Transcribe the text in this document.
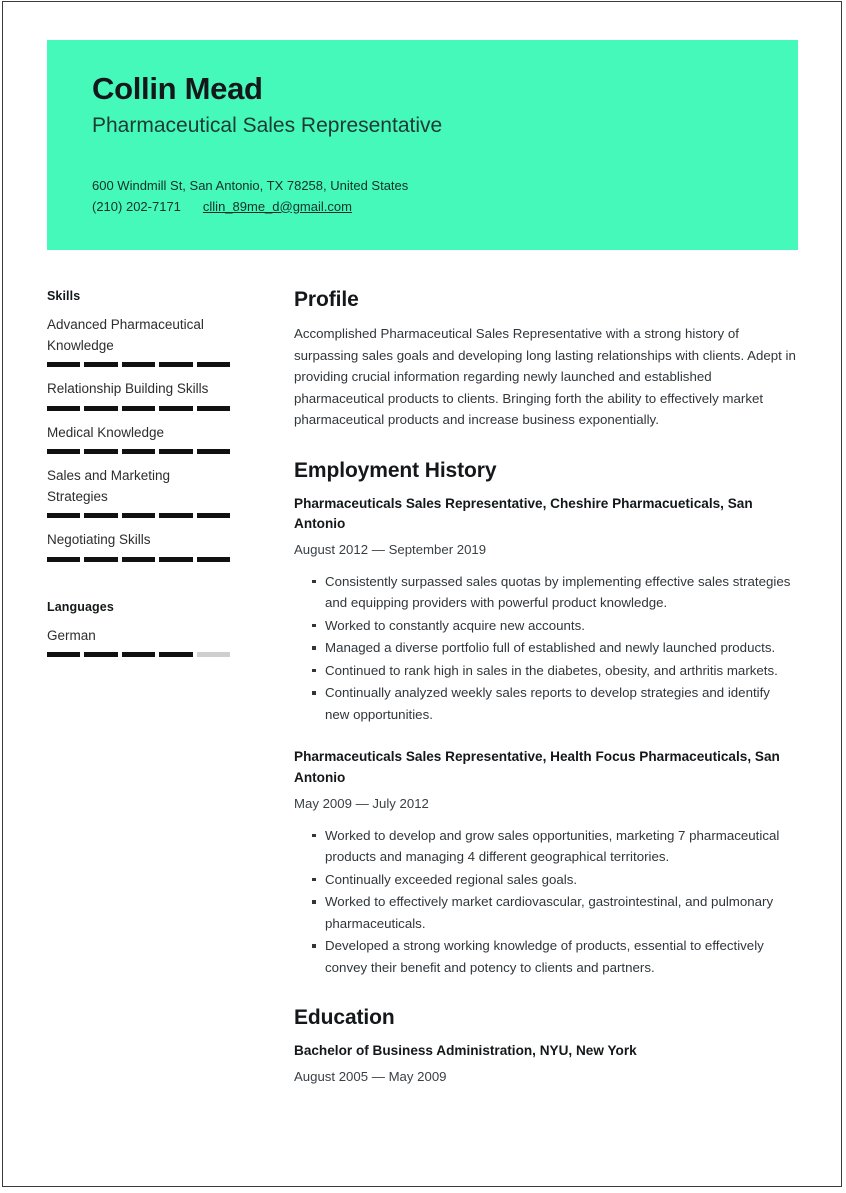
Collin Mead
Pharmaceutical Sales Representative
600 Windmill St, San Antonio, TX 78258, United States
(210) 202-7171 cllin_89me_d@gmail.com
Skills
Advanced Pharmaceutical Knowledge
Relationship Building Skills
Medical Knowledge
Sales and Marketing Strategies
Negotiating Skills
Languages
German
Profile

Accomplished Pharmaceutical Sales Representative with a strong history of surpassing sales goals and developing long lasting relationships with clients. Adept in providing crucial information regarding newly launched and established pharmaceutical products to clients. Bringing forth the ability to effectively market pharmaceutical products and increase business exponentially.

Employment History
Pharmaceuticals Sales Representative, Cheshire Pharmacueticals, San Antonio
August 2012 — September 2019
Consistently surpassed sales quotas by implementing effective sales strategies and equipping providers with powerful product knowledge.
Worked to constantly acquire new accounts.
Managed a diverse portfolio full of established and newly launched products.
Continued to rank high in sales in the diabetes, obesity, and arthritis markets.
Continually analyzed weekly sales reports to develop strategies and identify new opportunities.
Pharmaceuticals Sales Representative, Health Focus Pharmaceuticals, San Antonio
May 2009 — July 2012
Worked to develop and grow sales opportunities, marketing 7 pharmaceutical products and managing 4 different geographical territories.
Continually exceeded regional sales goals.
Worked to effectively market cardiovascular, gastrointestinal, and pulmonary pharmaceuticals.
Developed a strong working knowledge of products, essential to effectively convey their benefit and potency to clients and partners.
Education
Bachelor of Business Administration, NYU, New York
August 2005 — May 2009
